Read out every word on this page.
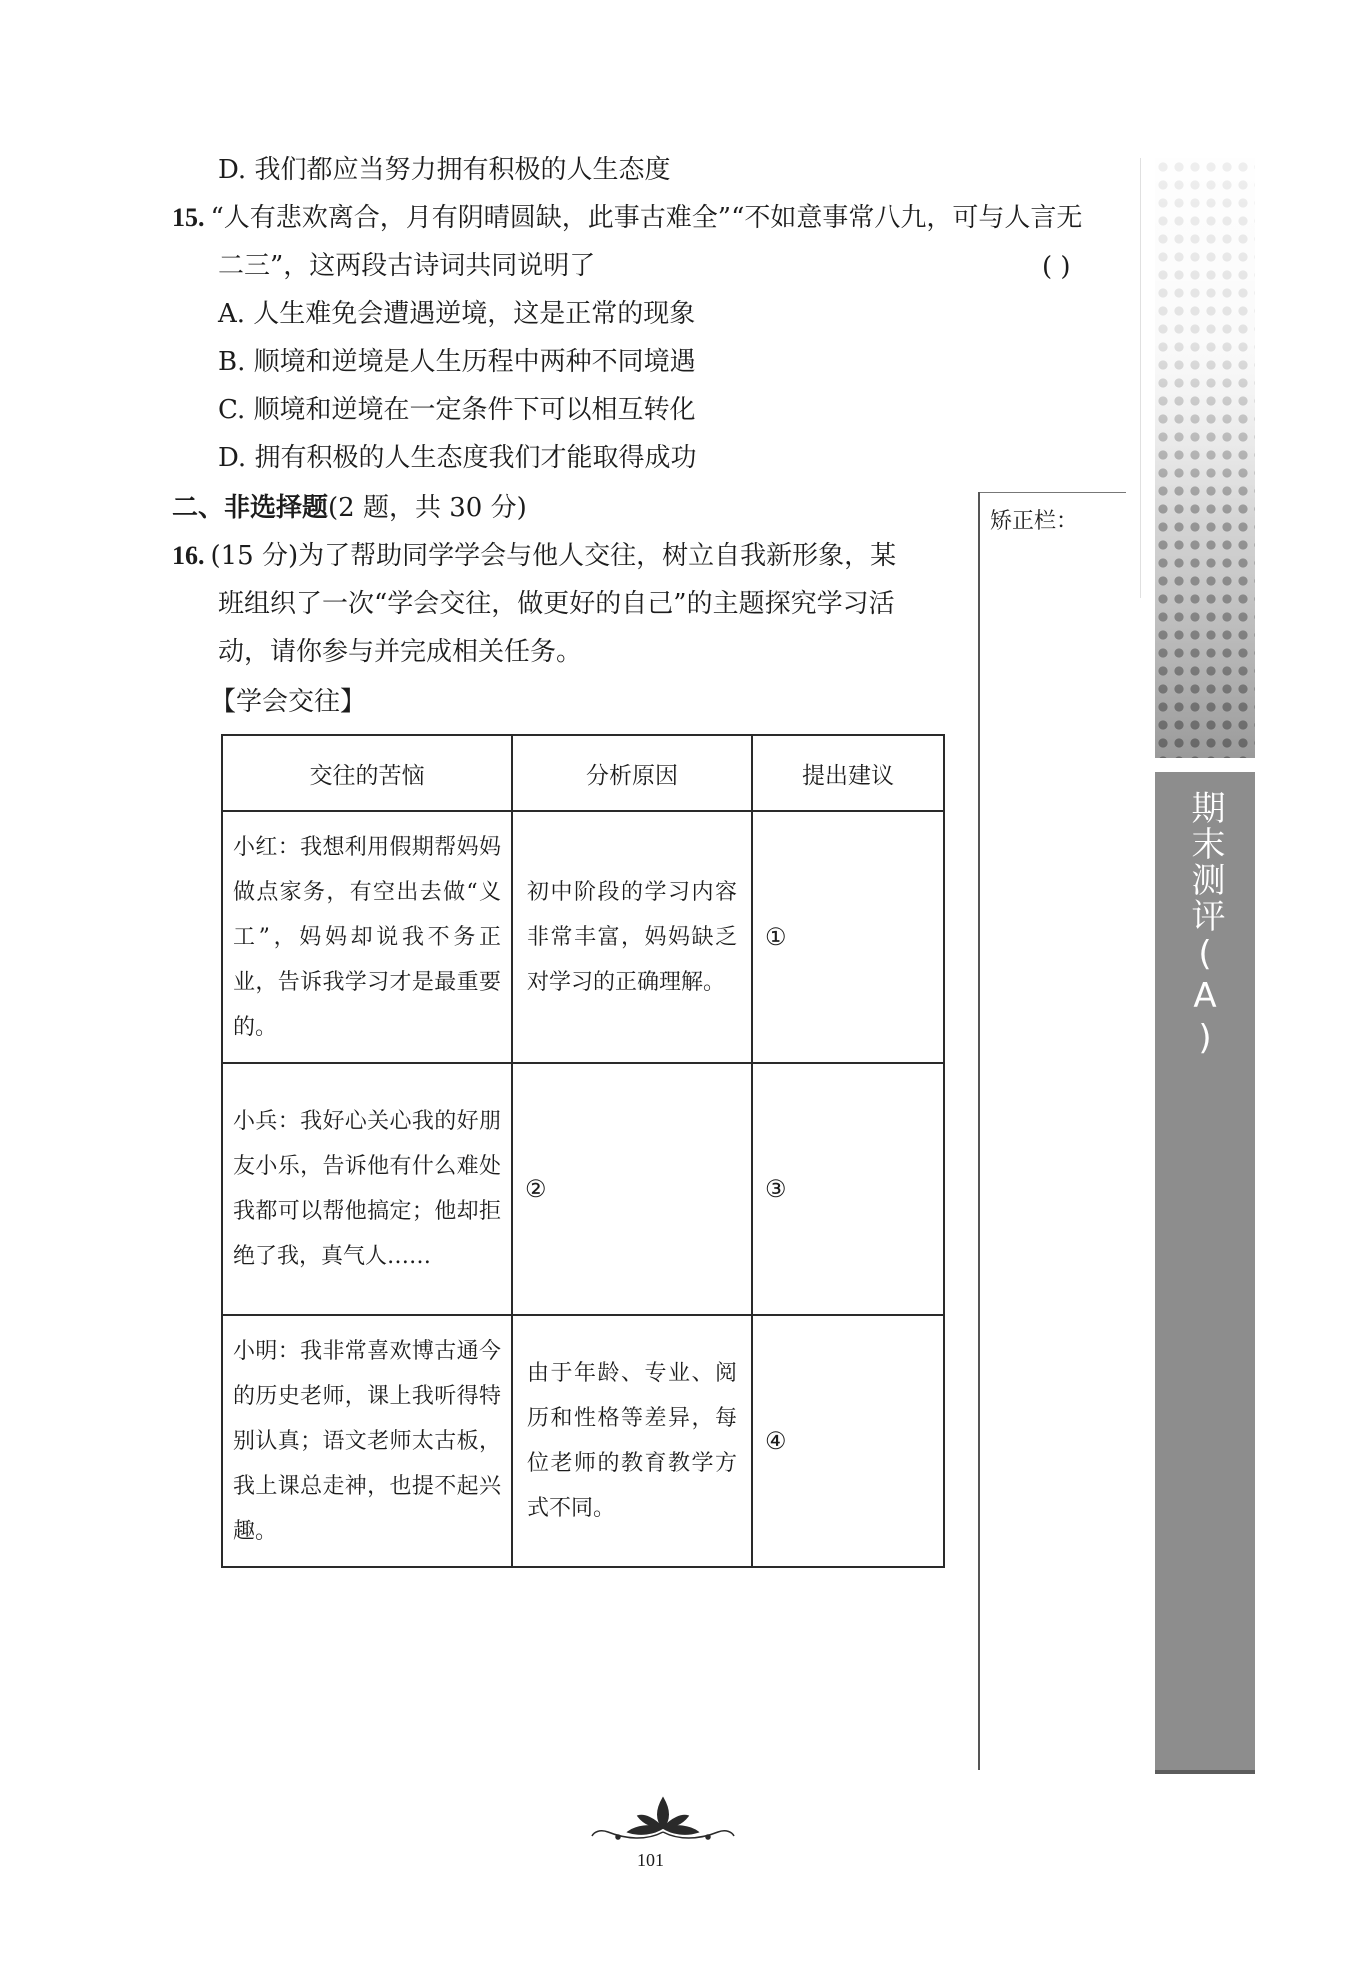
D. 我们都应当努力拥有积极的人生态度
15. “人有悲欢离合，月有阴晴圆缺，此事古难全”“不如意事常八九，可与人言无
二三”，这两段古诗词共同说明了	( )
A. 人生难免会遭遇逆境，这是正常的现象
B. 顺境和逆境是人生历程中两种不同境遇
C. 顺境和逆境在一定条件下可以相互转化
D. 拥有积极的人生态度我们才能取得成功
二、非选择题(2 题，共 30 分)
16. (15 分)为了帮助同学学会与他人交往，树立自我新形象，某
班组织了一次“学会交往，做更好的自己”的主题探究学习活
动，请你参与并完成相关任务。
【学会交往】
交往的苦恼	分析原因	提出建议
小红：我想利用假期帮妈妈做点家务，有空出去做“义工”，妈妈却说我不务正业，告诉我学习才是最重要的。	初中阶段的学习内容非常丰富，妈妈缺乏对学习的正确理解。	①
小兵：我好心关心我的好朋友小乐，告诉他有什么难处我都可以帮他搞定；他却拒绝了我，真气人……	②	③
小明：我非常喜欢博古通今的历史老师，课上我听得特别认真；语文老师太古板，我上课总走神，也提不起兴趣。	由于年龄、专业、阅历和性格等差异，每位老师的教育教学方式不同。	④
矫正栏：
期末测评(A)
101
